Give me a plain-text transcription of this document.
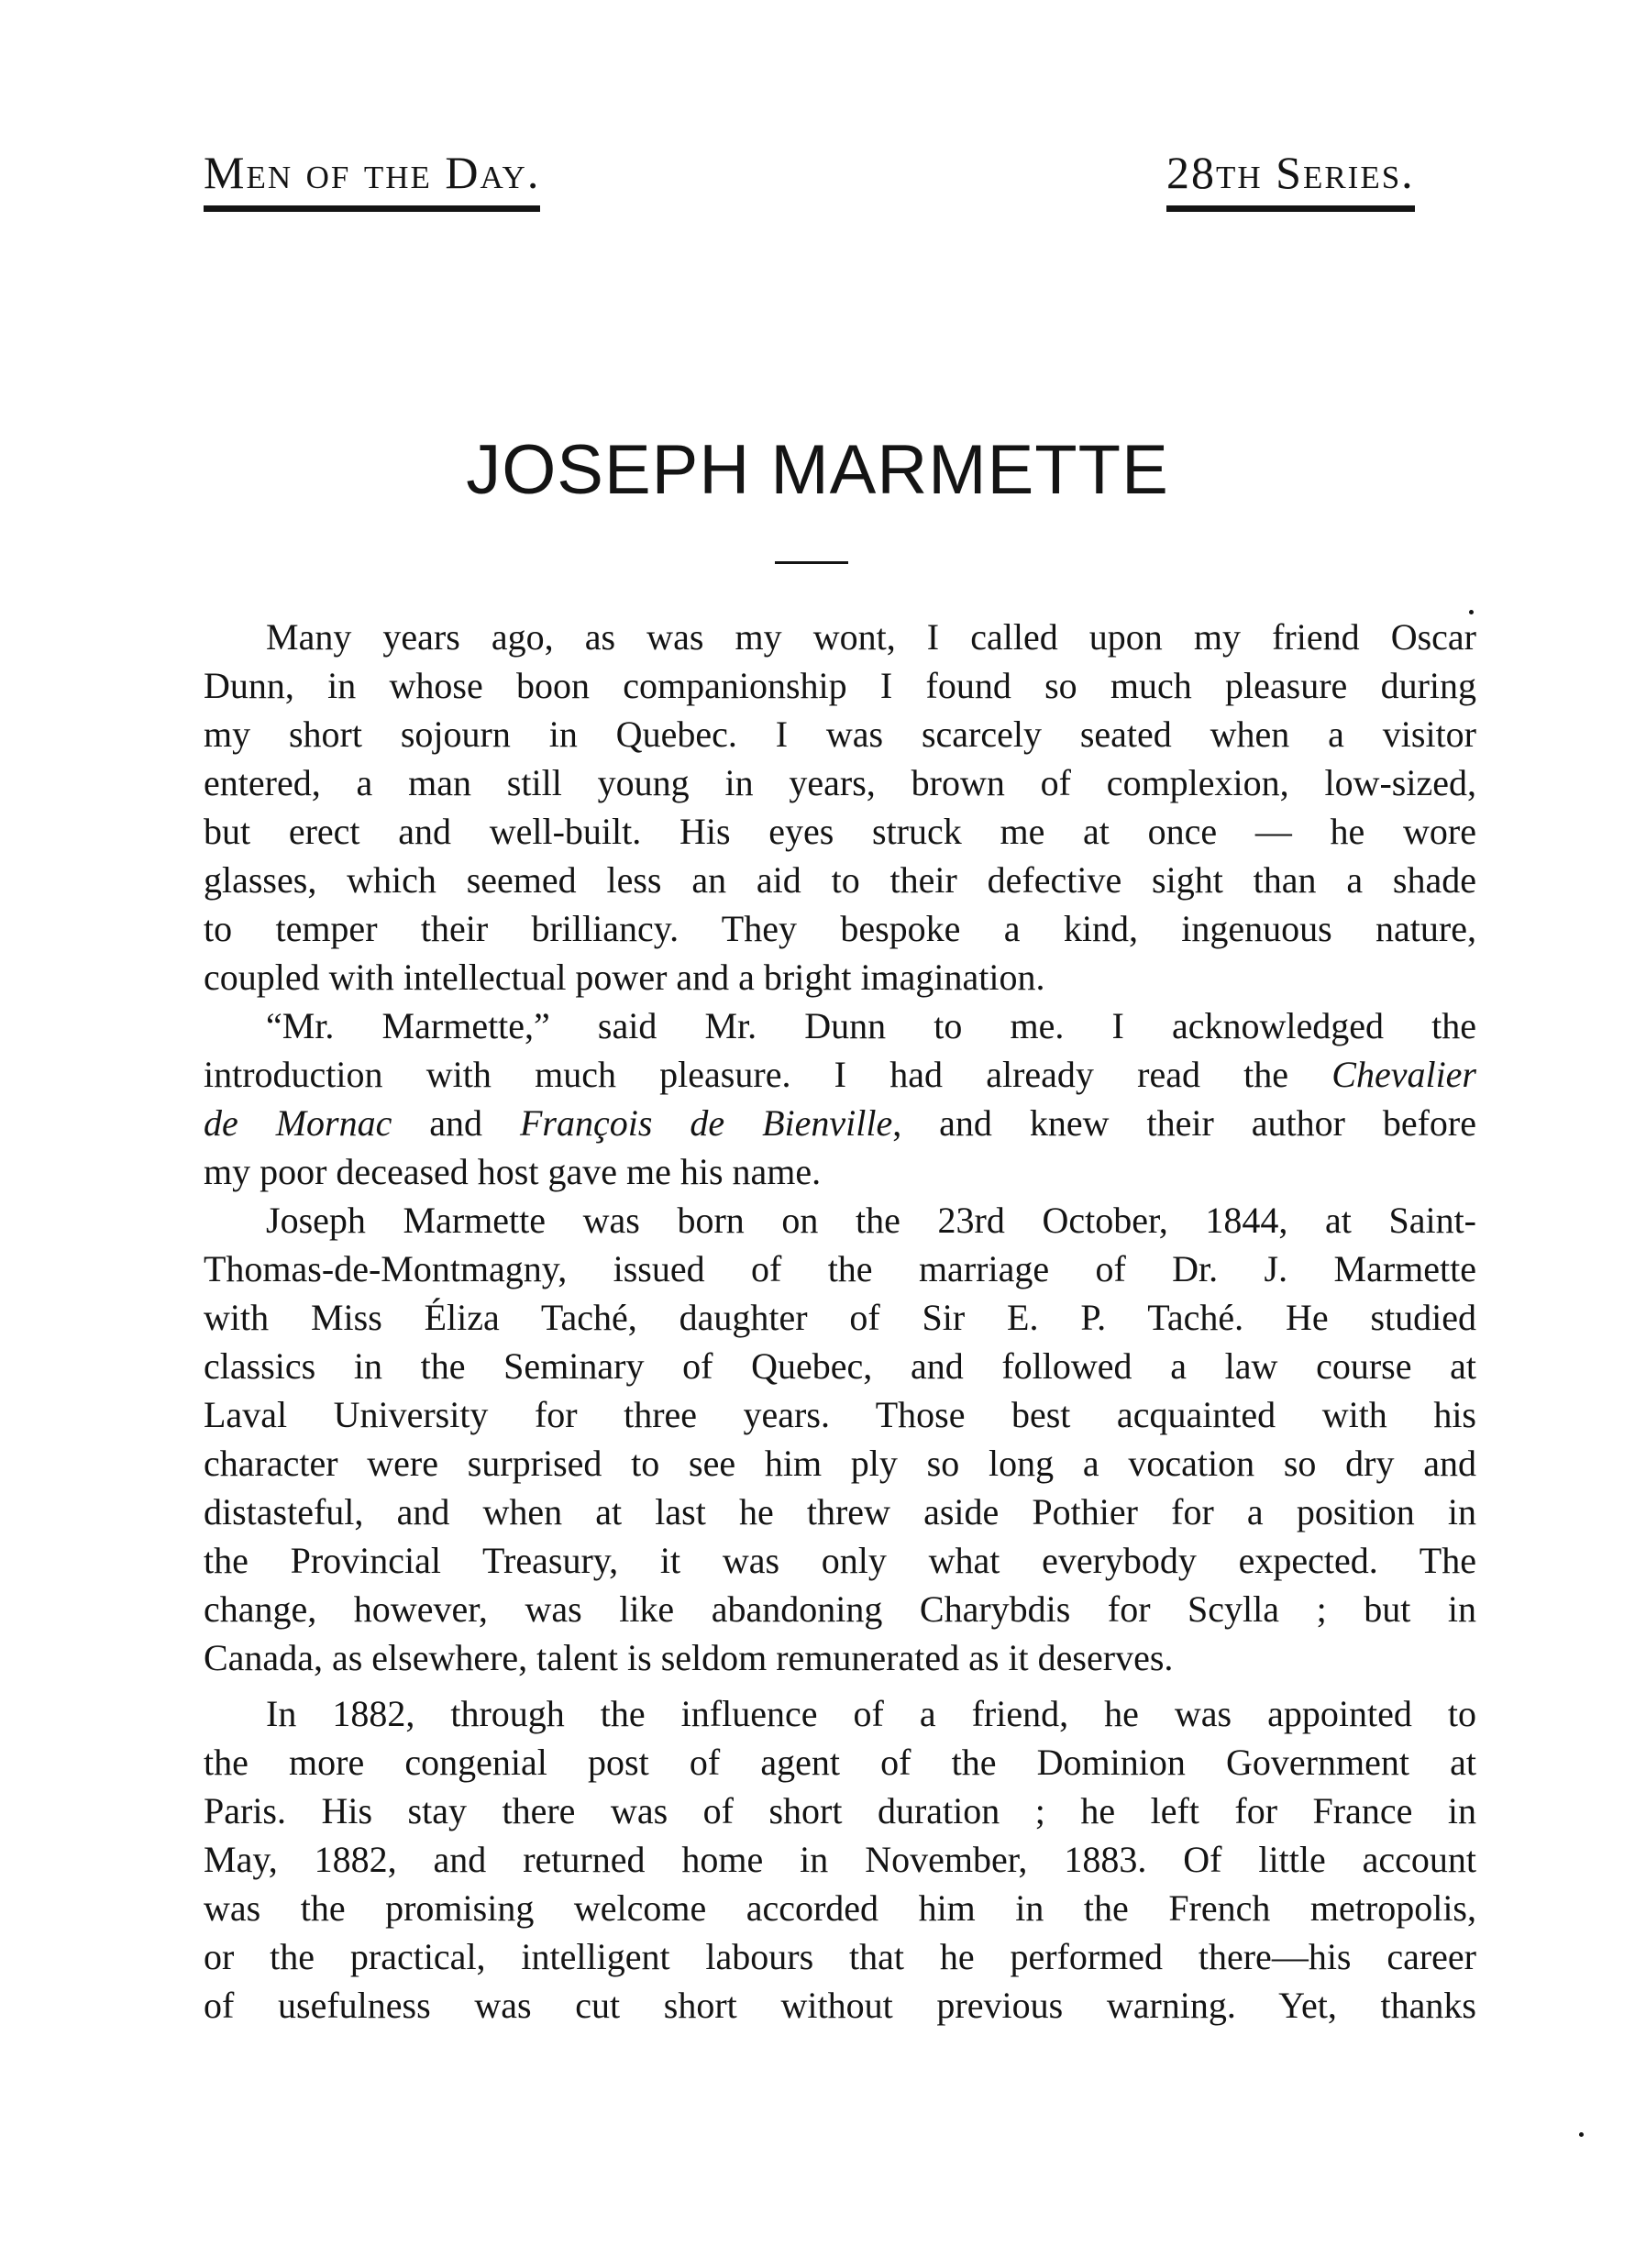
Men of the Day.	28th Series.
JOSEPH MARMETTE
Many years ago, as was my wont, I called upon my friend Oscar
Dunn, in whose boon companionship I found so much pleasure during
my short sojourn in Quebec. I was scarcely seated when a visitor
entered, a man still young in years, brown of complexion, low-sized,
but erect and well-built. His eyes struck me at once — he wore
glasses, which seemed less an aid to their defective sight than a shade
to temper their brilliancy. They bespoke a kind, ingenuous nature,
coupled with intellectual power and a bright imagination.
“Mr. Marmette,” said Mr. Dunn to me. I acknowledged the
introduction with much pleasure. I had already read the Chevalier
de Mornac and François de Bienville, and knew their author before
my poor deceased host gave me his name.
Joseph Marmette was born on the 23rd October, 1844, at Saint-
Thomas-de-Montmagny, issued of the marriage of Dr. J. Marmette
with Miss Éliza Taché, daughter of Sir E. P. Taché. He studied
classics in the Seminary of Quebec, and followed a law course at
Laval University for three years. Those best acquainted with his
character were surprised to see him ply so long a vocation so dry and
distasteful, and when at last he threw aside Pothier for a position in
the Provincial Treasury, it was only what everybody expected. The
change, however, was like abandoning Charybdis for Scylla ; but in
Canada, as elsewhere, talent is seldom remunerated as it deserves.
In 1882, through the influence of a friend, he was appointed to
the more congenial post of agent of the Dominion Government at
Paris. His stay there was of short duration ; he left for France in
May, 1882, and returned home in November, 1883. Of little account
was the promising welcome accorded him in the French metropolis,
or the practical, intelligent labours that he performed there—his career
of usefulness was cut short without previous warning. Yet, thanks
